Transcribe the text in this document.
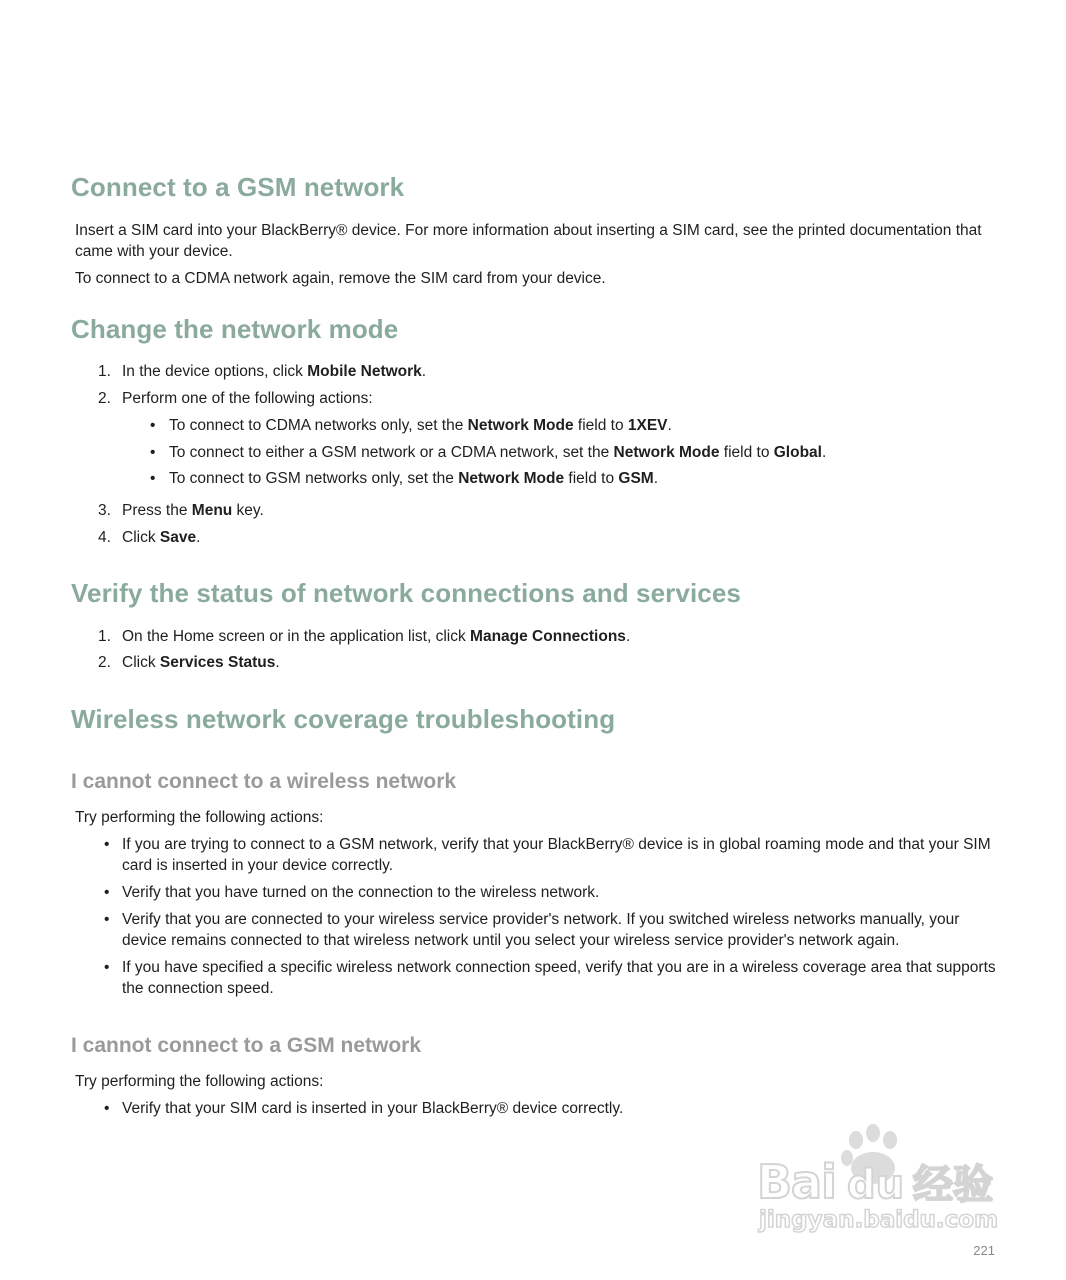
Connect to a GSM network

Insert a SIM card into your BlackBerry® device. For more information about inserting a SIM card, see the printed documentation that came with your device.

To connect to a CDMA network again, remove the SIM card from your device.

Change the network mode
1. In the device options, click Mobile Network.
2. Perform one of the following actions:
• To connect to CDMA networks only, set the Network Mode field to 1XEV.
• To connect to either a GSM network or a CDMA network, set the Network Mode field to Global.
• To connect to GSM networks only, set the Network Mode field to GSM.
3. Press the Menu key.
4. Click Save.
Verify the status of network connections and services
1. On the Home screen or in the application list, click Manage Connections.
2. Click Services Status.
Wireless network coverage troubleshooting
I cannot connect to a wireless network

Try performing the following actions:

• If you are trying to connect to a GSM network, verify that your BlackBerry® device is in global roaming mode and that your SIM card is inserted in your device correctly.
• Verify that you have turned on the connection to the wireless network.
• Verify that you are connected to your wireless service provider's network. If you switched wireless networks manually, your device remains connected to that wireless network until you select your wireless service provider's network again.
• If you have specified a specific wireless network connection speed, verify that you are in a wireless coverage area that supports the connection speed.
I cannot connect to a GSM network

Try performing the following actions:

• Verify that your SIM card is inserted in your BlackBerry® device correctly.
Bai du 经验
jingyan.baidu.com
221
